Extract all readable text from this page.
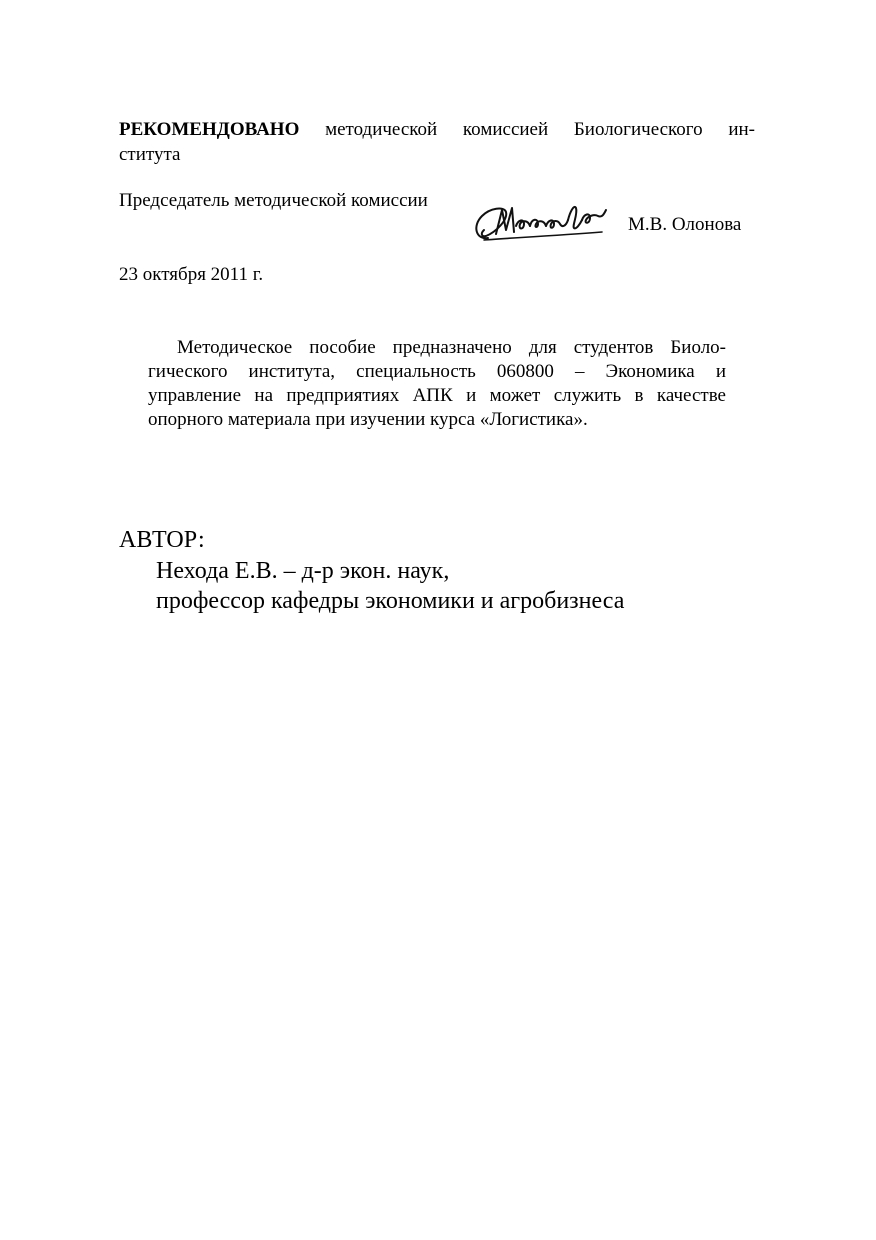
РЕКОМЕНДОВАНО методической комиссией Биологического ин-
ститута
Председатель методической комиссии
М.В. Олонова
23 октября 2011 г.
Методическое пособие предназначено для студентов Биоло-
гического института, специальность 060800 – Экономика и
управление на предприятиях АПК и может служить в качестве
опорного материала при изучении курса «Логистика».
АВТОР:
Нехода Е.В. – д-р экон. наук,
профессор кафедры экономики и агробизнеса
